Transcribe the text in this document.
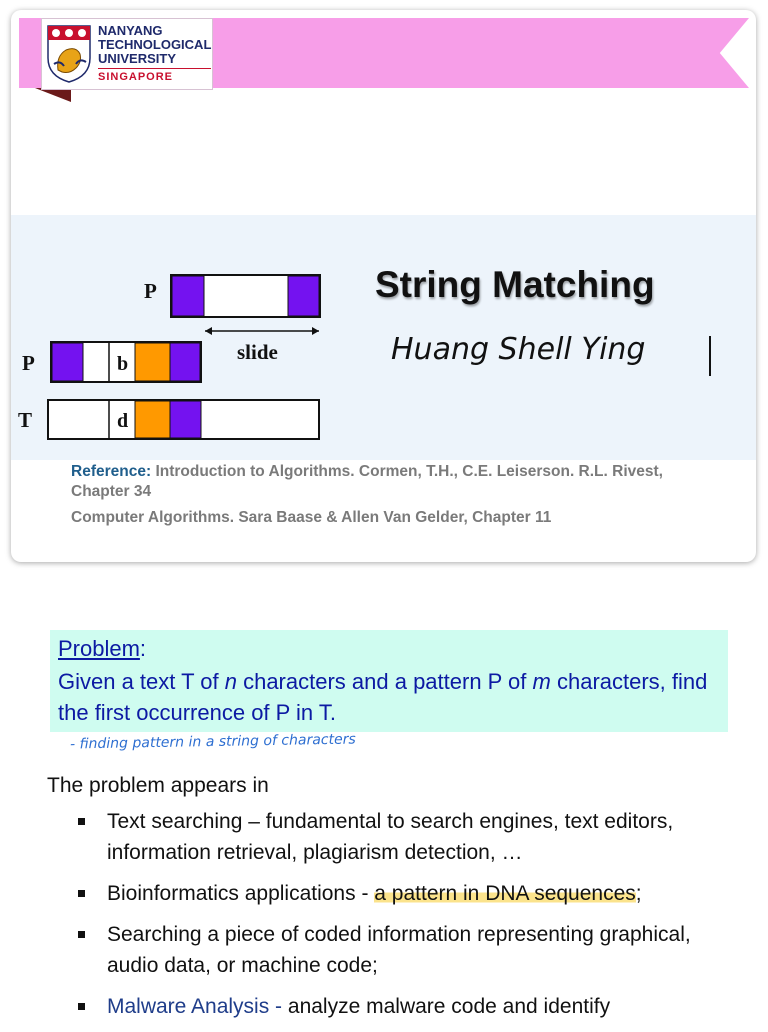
NANYANG
TECHNOLOGICAL
UNIVERSITY
SINGAPORE
P
slide
P	b
T	d
String Matching
Huang Shell Ying
Reference: Introduction to Algorithms. Cormen, T.H., C.E. Leiserson. R.L. Rivest, Chapter 34
Computer Algorithms. Sara Baase & Allen Van Gelder, Chapter 11
Problem:
Given a text T of n characters and a pattern P of m characters, find the first occurrence of P in T.
- finding pattern in a string of characters
The problem appears in
Text searching – fundamental to search engines, text editors, information retrieval, plagiarism detection, …
Bioinformatics applications - a pattern in DNA sequences;
Searching a piece of coded information representing graphical, audio data, or machine code;
Malware Analysis - analyze malware code and identify
